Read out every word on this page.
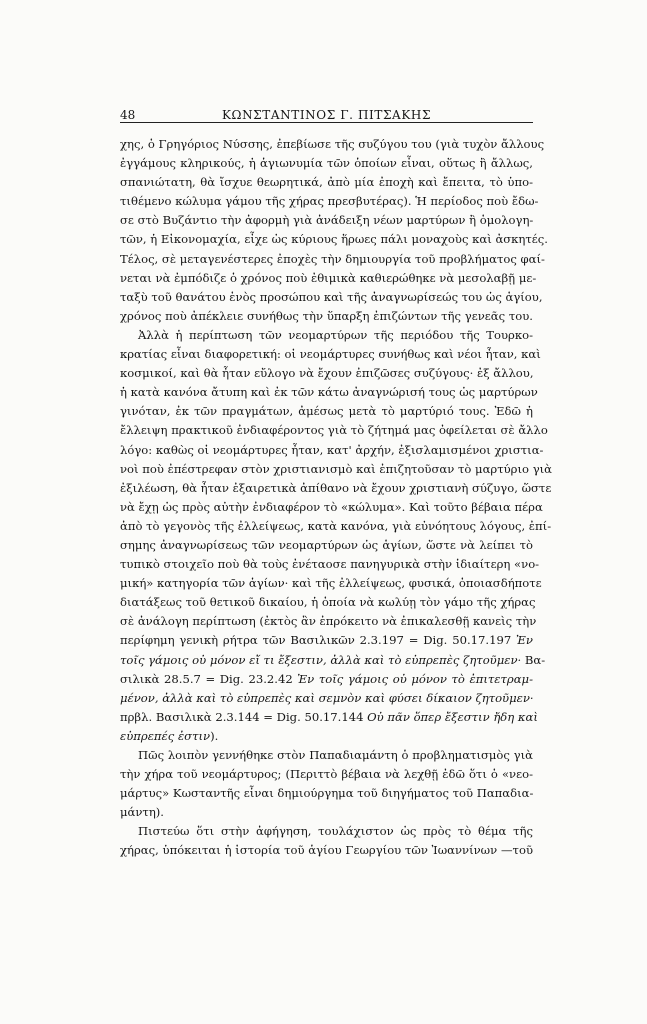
48	ΚΩΝΣΤΑΝΤΙΝΟΣ Γ. ΠΙΤΣΑΚΗΣ
χης, ὁ Γρηγόριος Νύσσης, ἐπεβίωσε τῆς συζύγου του (γιὰ τυχὸν ἄλλους
ἐγγάμους κληρικούς, ἡ ἁγιωνυμία τῶν ὁποίων εἶναι, οὕτως ἢ ἄλλως,
σπανιώτατη, θὰ ἴσχυε θεωρητικά, ἀπὸ μία ἐποχὴ καὶ ἔπειτα, τὸ ὑπο-
τιθέμενο κώλυμα γάμου τῆς χήρας πρεσβυτέρας). Ἡ περίοδος ποὺ ἔδω-
σε στὸ Βυζάντιο τὴν ἀφορμὴ γιὰ ἀνάδειξη νέων μαρτύρων ἢ ὁμολογη-
τῶν, ἡ Εἰκονομαχία, εἶχε ὡς κύριους ἥρωες πάλι μοναχοὺς καὶ ἀσκητές.
Τέλος, σὲ μεταγενέστερες ἐποχὲς τὴν δημιουργία τοῦ προβλήματος φαί-
νεται νὰ ἐμπόδιζε ὁ χρόνος ποὺ ἐθιμικὰ καθιερώθηκε νὰ μεσολαβῇ με-
ταξὺ τοῦ θανάτου ἑνὸς προσώπου καὶ τῆς ἀναγνωρίσεώς του ὡς ἁγίου,
χρόνος ποὺ ἀπέκλειε συνήθως τὴν ὕπαρξη ἐπιζώντων τῆς γενεᾶς του.
Ἀλλὰ ἡ περίπτωση τῶν νεομαρτύρων τῆς περιόδου τῆς Τουρκο-
κρατίας εἶναι διαφορετική: οἱ νεομάρτυρες συνήθως καὶ νέοι ἦταν, καὶ
κοσμικοί, καὶ θὰ ἦταν εὔλογο νὰ ἔχουν ἐπιζῶσες συζύγους· ἐξ ἄλλου,
ἡ κατὰ κανόνα ἄτυπη καὶ ἐκ τῶν κάτω ἀναγνώρισή τους ὡς μαρτύρων
γινόταν, ἐκ τῶν πραγμάτων, ἀμέσως μετὰ τὸ μαρτύριό τους. Ἐδῶ ἡ
ἔλλειψη πρακτικοῦ ἐνδιαφέροντος γιὰ τὸ ζήτημά μας ὀφείλεται σὲ ἄλλο
λόγο: καθὼς οἱ νεομάρτυρες ἦταν, κατ' ἀρχήν, ἐξισλαμισμένοι χριστια-
νοὶ ποὺ ἐπέστρεφαν στὸν χριστιανισμὸ καὶ ἐπιζητοῦσαν τὸ μαρτύριο γιὰ
ἐξιλέωση, θὰ ἦταν ἐξαιρετικὰ ἀπίθανο νὰ ἔχουν χριστιανὴ σύζυγο, ὥστε
νὰ ἔχῃ ὡς πρὸς αὐτὴν ἐνδιαφέρον τὸ «κώλυμα». Καὶ τοῦτο βέβαια πέρα
ἀπὸ τὸ γεγονὸς τῆς ἐλλείψεως, κατὰ κανόνα, γιὰ εὐνόητους λόγους, ἐπί-
σημης ἀναγνωρίσεως τῶν νεομαρτύρων ὡς ἁγίων, ὥστε νὰ λείπει τὸ
τυπικὸ στοιχεῖο ποὺ θὰ τοὺς ἐνέταοσε πανηγυρικὰ στὴν ἰδιαίτερη «νο-
μική» κατηγορία τῶν ἁγίων· καὶ τῆς ἐλλείψεως, φυσικά, ὁποιασδήποτε
διατάξεως τοῦ θετικοῦ δικαίου, ἡ ὁποία νὰ κωλύῃ τὸν γάμο τῆς χήρας
σὲ ἀνάλογη περίπτωση (ἐκτὸς ἂν ἐπρόκειτο νὰ ἐπικαλεσθῇ κανεὶς τὴν
περίφημη γενικὴ ρήτρα τῶν Βασιλικῶν 2.3.197 = Dig. 50.17.197 Ἐν
τοῖς γάμοις οὐ μόνον εἴ τι ἔξεστιν, ἀλλὰ καὶ τὸ εὐπρεπὲς ζητοῦμεν· Βα-
σιλικὰ 28.5.7 = Dig. 23.2.42 Ἐν τοῖς γάμοις οὐ μόνον τὸ ἐπιτετραμ-
μένον, ἀλλὰ καὶ τὸ εὐπρεπὲς καὶ σεμνὸν καὶ φύσει δίκαιον ζητοῦμεν·
πρβλ. Βασιλικὰ 2.3.144 = Dig. 50.17.144 Οὐ πᾶν ὅπερ ἔξεστιν ἤδη καὶ
εὐπρεπές ἐστιν).
Πῶς λοιπὸν γεννήθηκε στὸν Παπαδιαμάντη ὁ προβληματισμὸς γιὰ
τὴν χήρα τοῦ νεομάρτυρος; (Περιττὸ βέβαια νὰ λεχθῇ ἐδῶ ὅτι ὁ «νεο-
μάρτυς» Κωσταντῆς εἶναι δημιούργημα τοῦ διηγήματος τοῦ Παπαδια-
μάντη).
Πιστεύω ὅτι στὴν ἀφήγηση, τουλάχιστον ὡς πρὸς τὸ θέμα τῆς
χήρας, ὑπόκειται ἡ ἱστορία τοῦ ἁγίου Γεωργίου τῶν Ἰωαννίνων —τοῦ
